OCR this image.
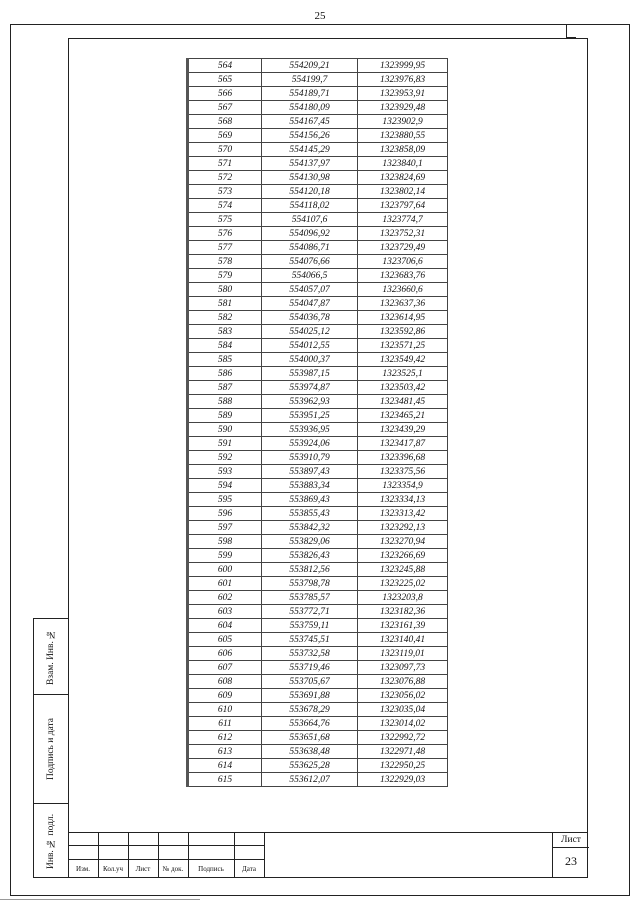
25
564	554209,21	1323999,95
565	554199,7	1323976,83
566	554189,71	1323953,91
567	554180,09	1323929,48
568	554167,45	1323902,9
569	554156,26	1323880,55
570	554145,29	1323858,09
571	554137,97	1323840,1
572	554130,98	1323824,69
573	554120,18	1323802,14
574	554118,02	1323797,64
575	554107,6	1323774,7
576	554096,92	1323752,31
577	554086,71	1323729,49
578	554076,66	1323706,6
579	554066,5	1323683,76
580	554057,07	1323660,6
581	554047,87	1323637,36
582	554036,78	1323614,95
583	554025,12	1323592,86
584	554012,55	1323571,25
585	554000,37	1323549,42
586	553987,15	1323525,1
587	553974,87	1323503,42
588	553962,93	1323481,45
589	553951,25	1323465,21
590	553936,95	1323439,29
591	553924,06	1323417,87
592	553910,79	1323396,68
593	553897,43	1323375,56
594	553883,34	1323354,9
595	553869,43	1323334,13
596	553855,43	1323313,42
597	553842,32	1323292,13
598	553829,06	1323270,94
599	553826,43	1323266,69
600	553812,56	1323245,88
601	553798,78	1323225,02
602	553785,57	1323203,8
603	553772,71	1323182,36
604	553759,11	1323161,39
605	553745,51	1323140,41
606	553732,58	1323119,01
607	553719,46	1323097,73
608	553705,67	1323076,88
609	553691,88	1323056,02
610	553678,29	1323035,04
611	553664,76	1323014,02
612	553651,68	1322992,72
613	553638,48	1322971,48
614	553625,28	1322950,25
615	553612,07	1322929,03
Взам. Инв. №
Подпись и дата
Инв. № подл.
Изм.	Кол.уч	Лист	№ док.	Подпись	Дата
Лист
23
